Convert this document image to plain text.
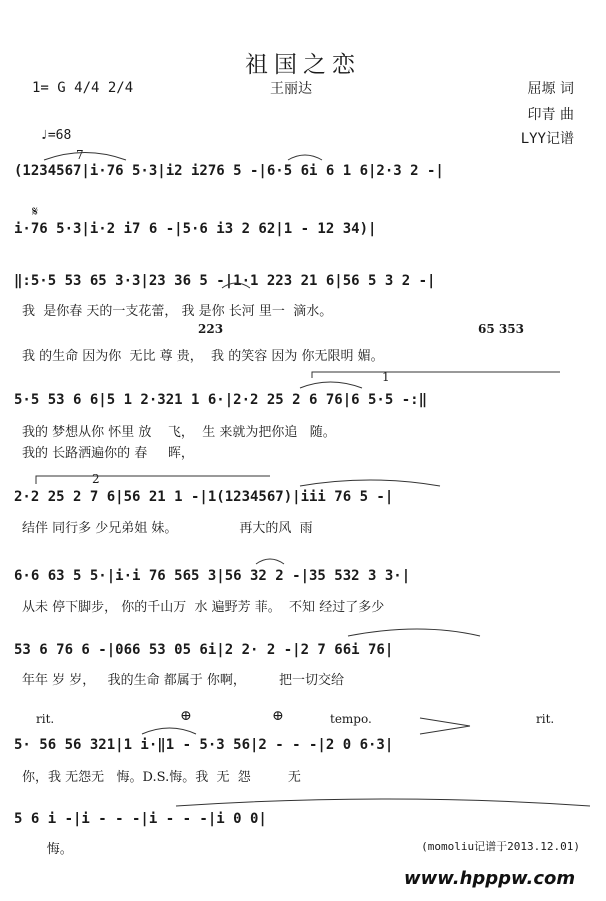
祖国之恋
1= G 4/4 2/4
♩=68
王丽达	屈塬 词
印青 曲
LYY记谱
(1234567|i·76 5·3|i2 i276 5 -|6·5 6i 6 1 6|2·3 2 -|
7
𝄋
i·76 5·3|i·2 i7 6 -|5·6 i3 2 62|1 - 12 34)|
‖:5·5 53 65 3·3|23 36 5 -|1·1 223 21 6|56 5 3 2 -|
我  是你春 天的一支花蕾， 我 是你 长河 里一  滴水。
223	65 353
我 的生命 因为你  无比 尊 贵，  我 的笑容 因为 你无限明 媚。
1
5·5 53 6 6|5 1 2·321 1 6·|2·2 25 2 6 76|6 5·5 -:‖
我的 梦想从你 怀里 放    飞，  生 来就为把你追   随。
我的 长路洒遍你的 春     晖，
2
2·2 25 2 7 6|56 21 1 -|1(1234567)|iii 76 5 -|
结伴 同行多 少兄弟姐 妹。               再大的风  雨
6·6 63 5 5·|i·i 76 565 3|56 32 2 -|35 532 3 3·|
从未 停下脚步， 你的千山万  水 遍野芳 菲。  不知 经过了多少
53 6 76 6 -|066 53 05 6i|2 2· 2 -|2 7 66i 76|
年年 岁 岁，   我的生命 都属于 你啊，        把一切交给
rit.	⊕	⊕	tempo.	rit.
5· 56 56 321|1 i·‖1 - 5·3 56|2 - - -|2 0 6·3|
你，我 无怨无   悔。D.S.悔。我  无  怨         无
5 6 i -|i - - -|i - - -|i 0 0|
悔。	(momoliu记谱于2013.12.01)
www.hpppw.com
